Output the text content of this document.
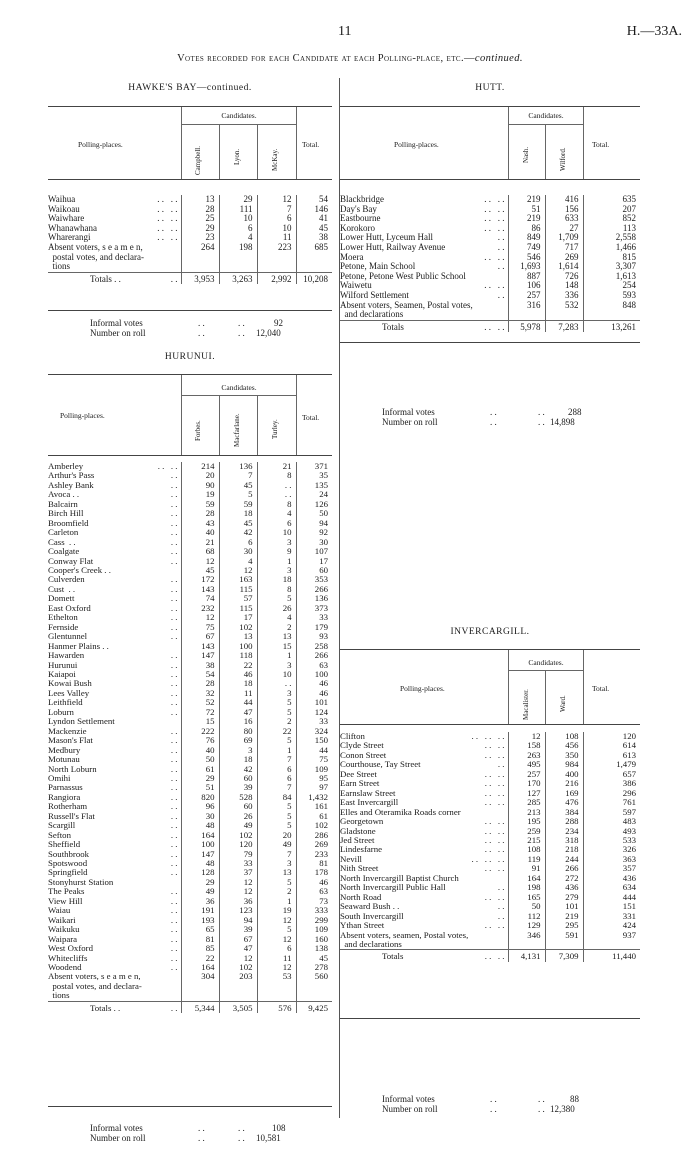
11	H.—33A.
Votes recorded for each Candidate at each Polling-place, etc.—continued.
HAWKE'S BAY—continued.
Polling-places.
Candidates.
Campbell.	Lyon.	McKay.
Total.
Waihua . .   . .	13	29	12	54
Waikoau . .   . .	28	111	7	146
Waiwhare . .   . .	25	10	6	41
Whanawhana . .   . .	29	6	10	45
Wharerangi . .   . .	23	4	11	38
Absent voters, s e a m e n,	264	198	223	685
postal votes, and declara-

tions

Totals . . . .	3,953	3,263	2,992	10,208
Informal votes	. .	. .	92
Number on roll	. .	. . 12,040
HURUNUI.
Polling-places.
Candidates.
Forbes.	Macfarlane.	Turley.
Total.
Amberley . .   . .	214	136	21	371
Arthur's Pass . .	20	7	8	35
Ashley Bank . .	90	45	. .	135
Avoca . . . .	19	5	. .	24
Balcairn . .	59	59	8	126
Birch Hill . .	28	18	4	50
Broomfield . .	43	45	6	94
Carleton . .	40	42	10	92
Cass  . . . .	21	6	3	30
Coalgate . .	68	30	9	107
Conway Flat . .	12	4	1	17
Cooper's Creek . .	45	12	3	60
Culverden . .	172	163	18	353
Cust  . . . .	143	115	8	266
Domett . .	74	57	5	136
East Oxford . .	232	115	26	373
Ethelton . .	12	17	4	33
Fernside . .	75	102	2	179
Glentunnel . .	67	13	13	93
Hanmer Plains . .	143	100	15	258
Hawarden . .	147	118	1	266
Hurunui . .	38	22	3	63
Kaiapoi . .	54	46	10	100
Kowai Bush . .	28	18	. .	46
Lees Valley . .	32	11	3	46
Leithfield . .	52	44	5	101
Loburn . .	72	47	5	124
Lyndon Settlement	15	16	2	33
Mackenzie . .	222	80	22	324
Mason's Flat . .	76	69	5	150
Medbury . .	40	3	1	44
Motunau . .	50	18	7	75
North Loburn . .	61	42	6	109
Omihi . .	29	60	6	95
Parnassus . .	51	39	7	97
Rangiora . .	820	528	84	1,432
Rotherham . .	96	60	5	161
Russell's Flat . .	30	26	5	61
Scargill . .	48	49	5	102
Sefton . .	164	102	20	286
Sheffield . .	100	120	49	269
Southbrook . .	147	79	7	233
Spotswood . .	48	33	3	81
Springfield . .	128	37	13	178
Stonyhurst Station	29	12	5	46
The Peaks . .	49	12	2	63
View Hill . .	36	36	1	73
Waiau . .	191	123	19	333
Waikari . .	193	94	12	299
Waikuku . .	65	39	5	109
Waipara . .	81	67	12	160
West Oxford . .	85	47	6	138
Whitecliffs . .	22	12	11	45
Woodend . .	164	102	12	278
Absent voters, s e a m e n,	304	203	53	560
postal votes, and declara-

tions

Totals . . . .	5,344	3,505	576	9,425
Informal votes	. .	. .	108
Number on roll	. .	. . 10,581
HUTT.
Polling-places.
Candidates.
Nash.	Wilford.
Total.
Blackbridge . .   . .	219	416	635
Day's Bay . .   . .	51	156	207
Eastbourne . .   . .	219	633	852
Korokoro . .   . .	86	27	113
Lower Hutt, Lyceum Hall . .	849	1,709	2,558
Lower Hutt, Railway Avenue . .	749	717	1,466
Moera . .   . .	546	269	815
Petone, Main School . .	1,693	1,614	3,307
Petone, Petone West Public School	887	726	1,613
Waiwetu . .   . .	106	148	254
Wilford Settlement . .	257	336	593
Absent voters, Seamen, Postal votes,	316	532	848
and declarations

Totals . .   . .	5,978	7,283	13,261
Informal votes	. .	. .	288
Number on roll	. .	. . 14,898
INVERCARGILL.
Polling-places.
Candidates.
Macalister.	Ward.
Total.
Clifton . .   . .   . .	12	108	120
Clyde Street . .   . .	158	456	614
Conon Street . .   . .	263	350	613
Courthouse, Tay Street . .	495	984	1,479
Dee Street . .   . .	257	400	657
Earn Street . .   . .	170	216	386
Earnslaw Street . .   . .	127	169	296
East Invercargill . .   . .	285	476	761
Elles and Oteramika Roads corner	213	384	597
Georgetown . .   . .	195	288	483
Gladstone . .   . .	259	234	493
Jed Street . .   . .	215	318	533
Lindesfarne . .   . .	108	218	326
Nevill . .   . .   . .	119	244	363
Nith Street . .   . .	91	266	357
North Invercargill Baptist Church	164	272	436
North Invercargill Public Hall . .	198	436	634
North Road . .   . .	165	279	444
Seaward Bush . . . .	50	101	151
South Invercargill . .	112	219	331
Ythan Street . .   . .	129	295	424
Absent voters, seamen, Postal votes,	346	591	937
and declarations

Totals . .   . .	4,131	7,309	11,440
Informal votes	. .	. .	88
Number on roll	. .	. . 12,380
